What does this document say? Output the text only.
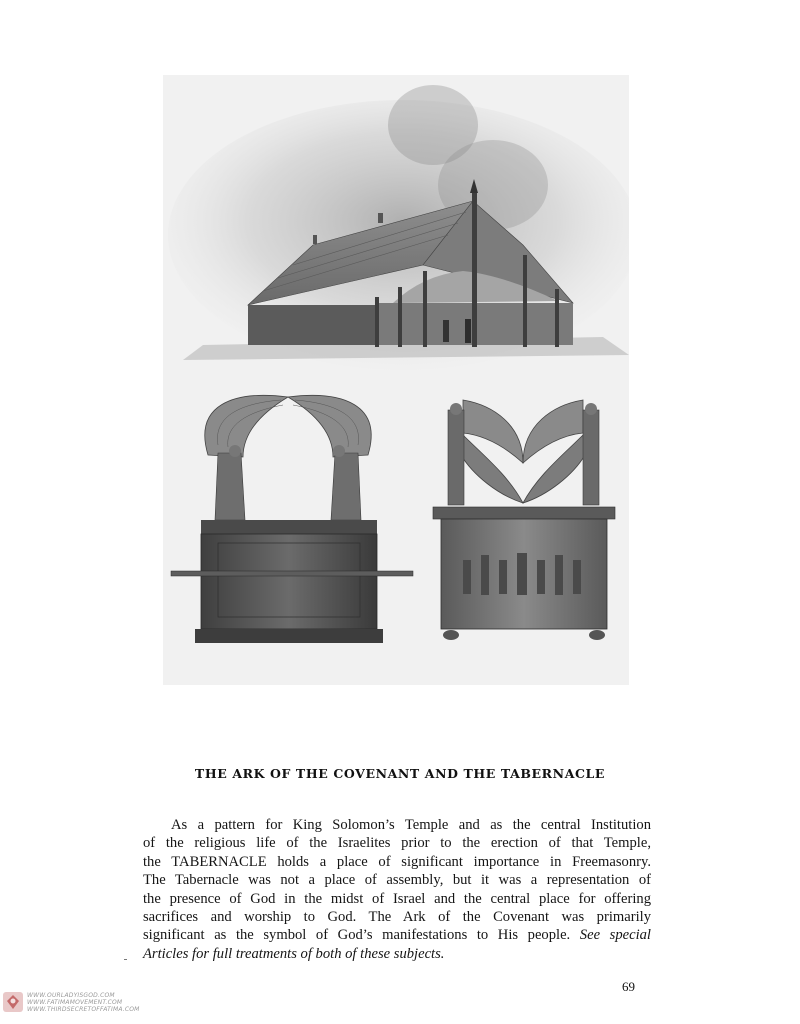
THE ARK OF THE COVENANT AND THE TABERNACLE
As a pattern for King Solomon’s Temple and as the central Institution
of the religious life of the Israelites prior to the erection of that Temple,
the TABERNACLE holds a place of significant importance in Freemasonry.
The Tabernacle was not a place of assembly, but it was a representation of
the presence of God in the midst of Israel and the central place for offering
sacrifices and worship to God. The Ark of the Covenant was primarily
significant as the symbol of God’s manifestations to His people. See special
Articles for full treatments of both of these subjects.
69
WWW.OURLADYISGOD.COM
WWW.FATIMAMOVEMENT.COM
WWW.THIRDSECRETOFFATIMA.COM
